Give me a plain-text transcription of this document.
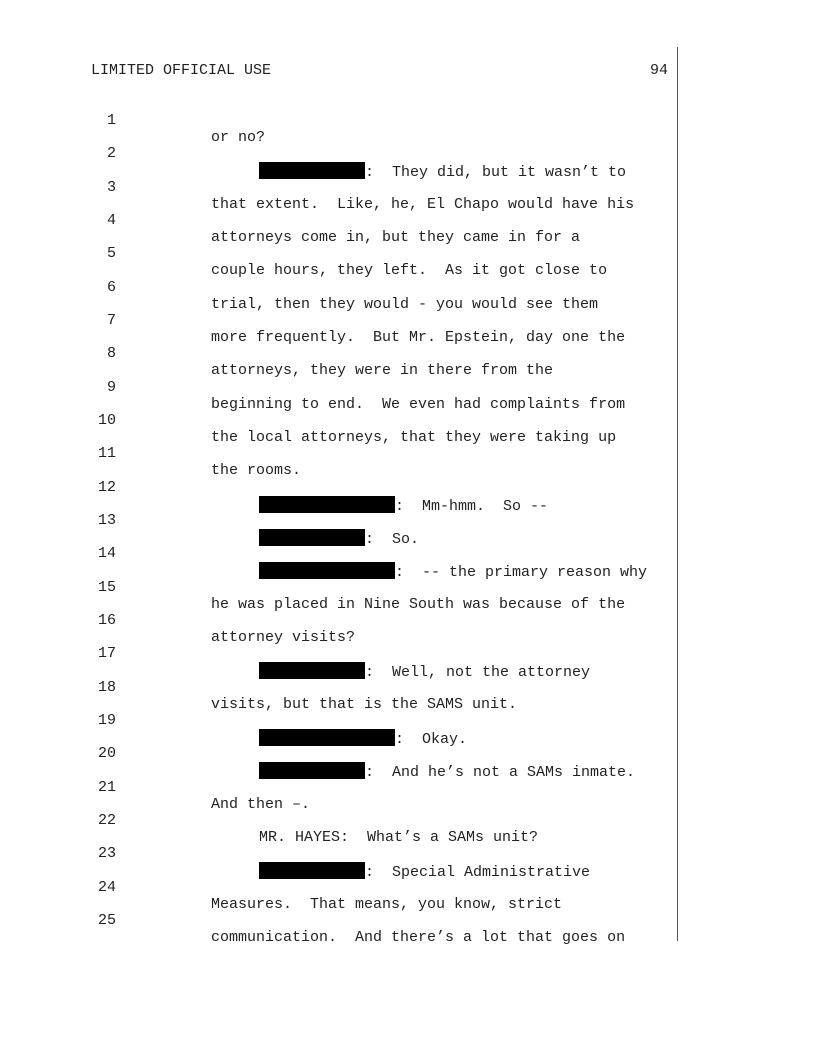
LIMITED OFFICIAL USE	94

1

or no?

2

:  They did, but it wasn’t to

3

that extent.  Like, he, El Chapo would have his

4

attorneys come in, but they came in for a

5

couple hours, they left.  As it got close to

6

trial, then they would - you would see them

7

more frequently.  But Mr. Epstein, day one the

8

attorneys, they were in there from the

9

beginning to end.  We even had complaints from

10

the local attorneys, that they were taking up

11

the rooms.

12

:  Mm-hmm.  So --

13

:  So.

14

:  -- the primary reason why

15

he was placed in Nine South was because of the

16

attorney visits?

17

:  Well, not the attorney

18

visits, but that is the SAMS unit.

19

:  Okay.

20

:  And he’s not a SAMs inmate.

21

And then –.

22

MR. HAYES:  What’s a SAMs unit?

23

:  Special Administrative

24

Measures.  That means, you know, strict

25

communication.  And there’s a lot that goes on
